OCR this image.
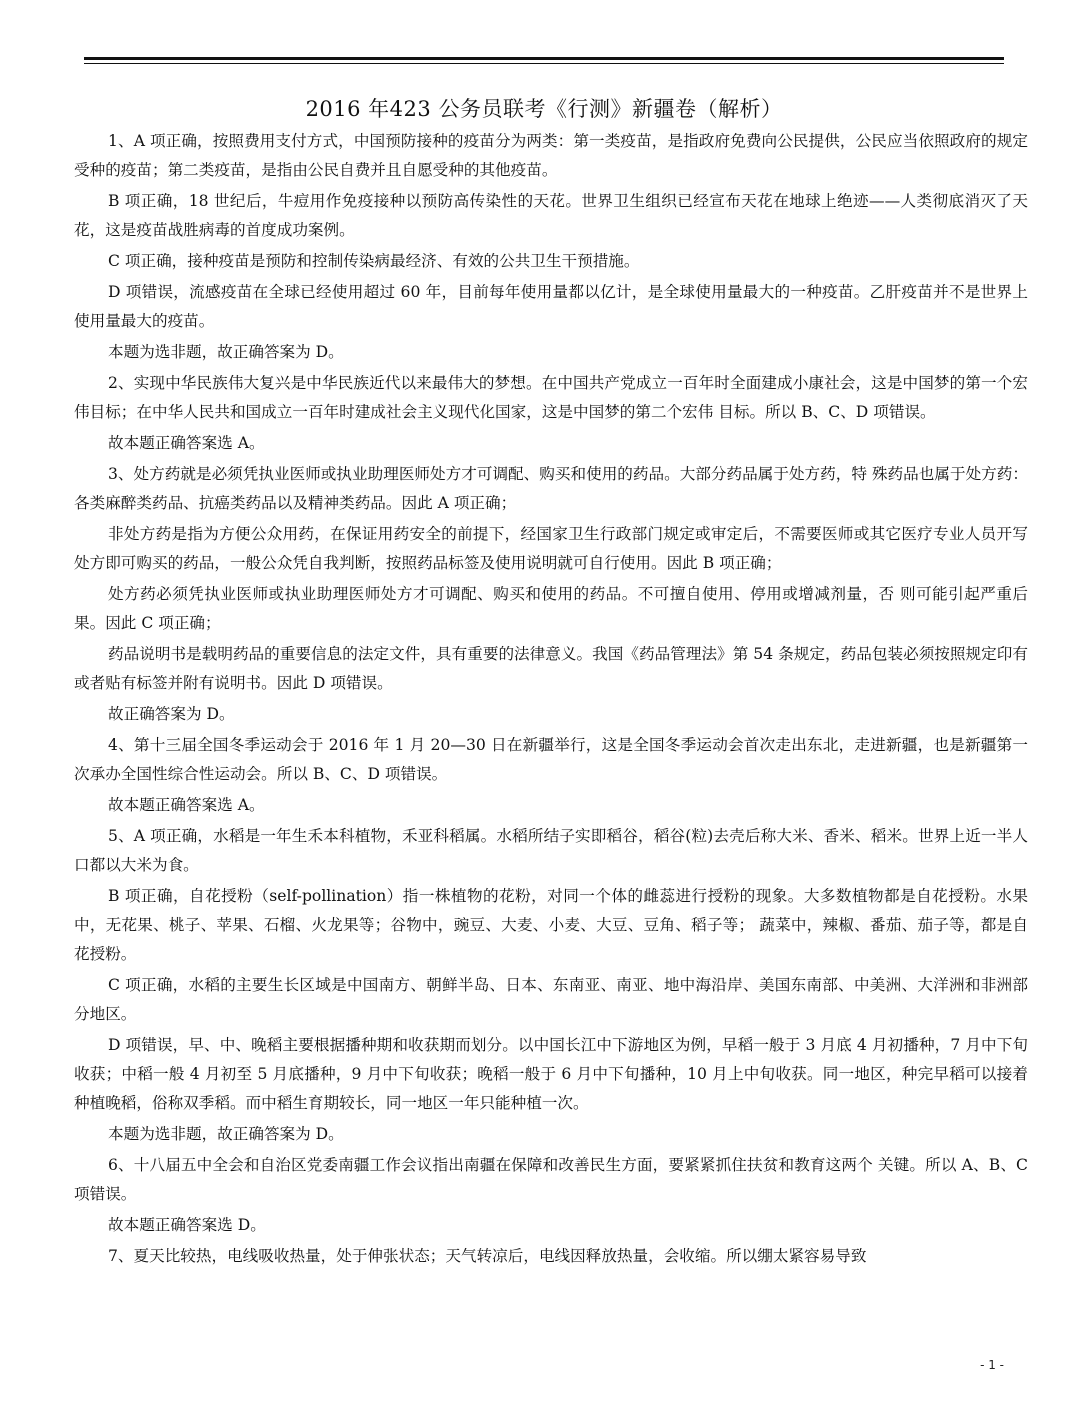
2016 年423 公务员联考《行测》新疆卷（解析）

1、A 项正确，按照费用支付方式，中国预防接种的疫苗分为两类：第一类疫苗，是指政府免费向公民提供，公民应当依照政府的规定受种的疫苗；第二类疫苗，是指由公民自费并且自愿受种的其他疫苗。

B 项正确，18 世纪后，牛痘用作免疫接种以预防高传染性的天花。世界卫生组织已经宣布天花在地球上绝迹——人类彻底消灭了天花，这是疫苗战胜病毒的首度成功案例。

C 项正确，接种疫苗是预防和控制传染病最经济、有效的公共卫生干预措施。

D 项错误，流感疫苗在全球已经使用超过 60 年，目前每年使用量都以亿计，是全球使用量最大的一种疫苗。乙肝疫苗并不是世界上使用量最大的疫苗。

本题为选非题，故正确答案为 D。

2、实现中华民族伟大复兴是中华民族近代以来最伟大的梦想。在中国共产党成立一百年时全面建成小康社会，这是中国梦的第一个宏伟目标；在中华人民共和国成立一百年时建成社会主义现代化国家，这是中国梦的第二个宏伟 目标。所以 B、C、D 项错误。

故本题正确答案选 A。

3、处方药就是必须凭执业医师或执业助理医师处方才可调配、购买和使用的药品。大部分药品属于处方药，特 殊药品也属于处方药：各类麻醉类药品、抗癌类药品以及精神类药品。因此 A 项正确；

非处方药是指为方便公众用药，在保证用药安全的前提下，经国家卫生行政部门规定或审定后，不需要医师或其它医疗专业人员开写处方即可购买的药品，一般公众凭自我判断，按照药品标签及使用说明就可自行使用。因此 B 项正确；

处方药必须凭执业医师或执业助理医师处方才可调配、购买和使用的药品。不可擅自使用、停用或增减剂量，否 则可能引起严重后果。因此 C 项正确；

药品说明书是载明药品的重要信息的法定文件，具有重要的法律意义。我国《药品管理法》第 54 条规定，药品包装必须按照规定印有或者贴有标签并附有说明书。因此 D 项错误。

故正确答案为 D。

4、第十三届全国冬季运动会于 2016 年 1 月 20—30 日在新疆举行，这是全国冬季运动会首次走出东北，走进新疆，也是新疆第一次承办全国性综合性运动会。所以 B、C、D 项错误。

故本题正确答案选 A。

5、A 项正确，水稻是一年生禾本科植物，禾亚科稻属。水稻所结子实即稻谷，稻谷(粒)去壳后称大米、香米、稻米。世界上近一半人口都以大米为食。

B 项正确，自花授粉（self-pollination）指一株植物的花粉，对同一个体的雌蕊进行授粉的现象。大多数植物都是自花授粉。水果中，无花果、桃子、苹果、石榴、火龙果等；谷物中，豌豆、大麦、小麦、大豆、豆角、稻子等； 蔬菜中，辣椒、番茄、茄子等，都是自花授粉。

C 项正确，水稻的主要生长区域是中国南方、朝鲜半岛、日本、东南亚、南亚、地中海沿岸、美国东南部、中美洲、大洋洲和非洲部分地区。

D 项错误，早、中、晚稻主要根据播种期和收获期而划分。以中国长江中下游地区为例，早稻一般于 3 月底 4 月初播种，7 月中下旬收获；中稻一般 4 月初至 5 月底播种，9 月中下旬收获；晚稻一般于 6 月中下旬播种，10 月上中旬收获。同一地区，种完早稻可以接着种植晚稻，俗称双季稻。而中稻生育期较长，同一地区一年只能种植一次。

本题为选非题，故正确答案为 D。

6、十八届五中全会和自治区党委南疆工作会议指出南疆在保障和改善民生方面，要紧紧抓住扶贫和教育这两个 关键。所以 A、B、C 项错误。

故本题正确答案选 D。

7、夏天比较热，电线吸收热量，处于伸张状态；天气转凉后，电线因释放热量，会收缩。所以绷太紧容易导致

- 1 -
